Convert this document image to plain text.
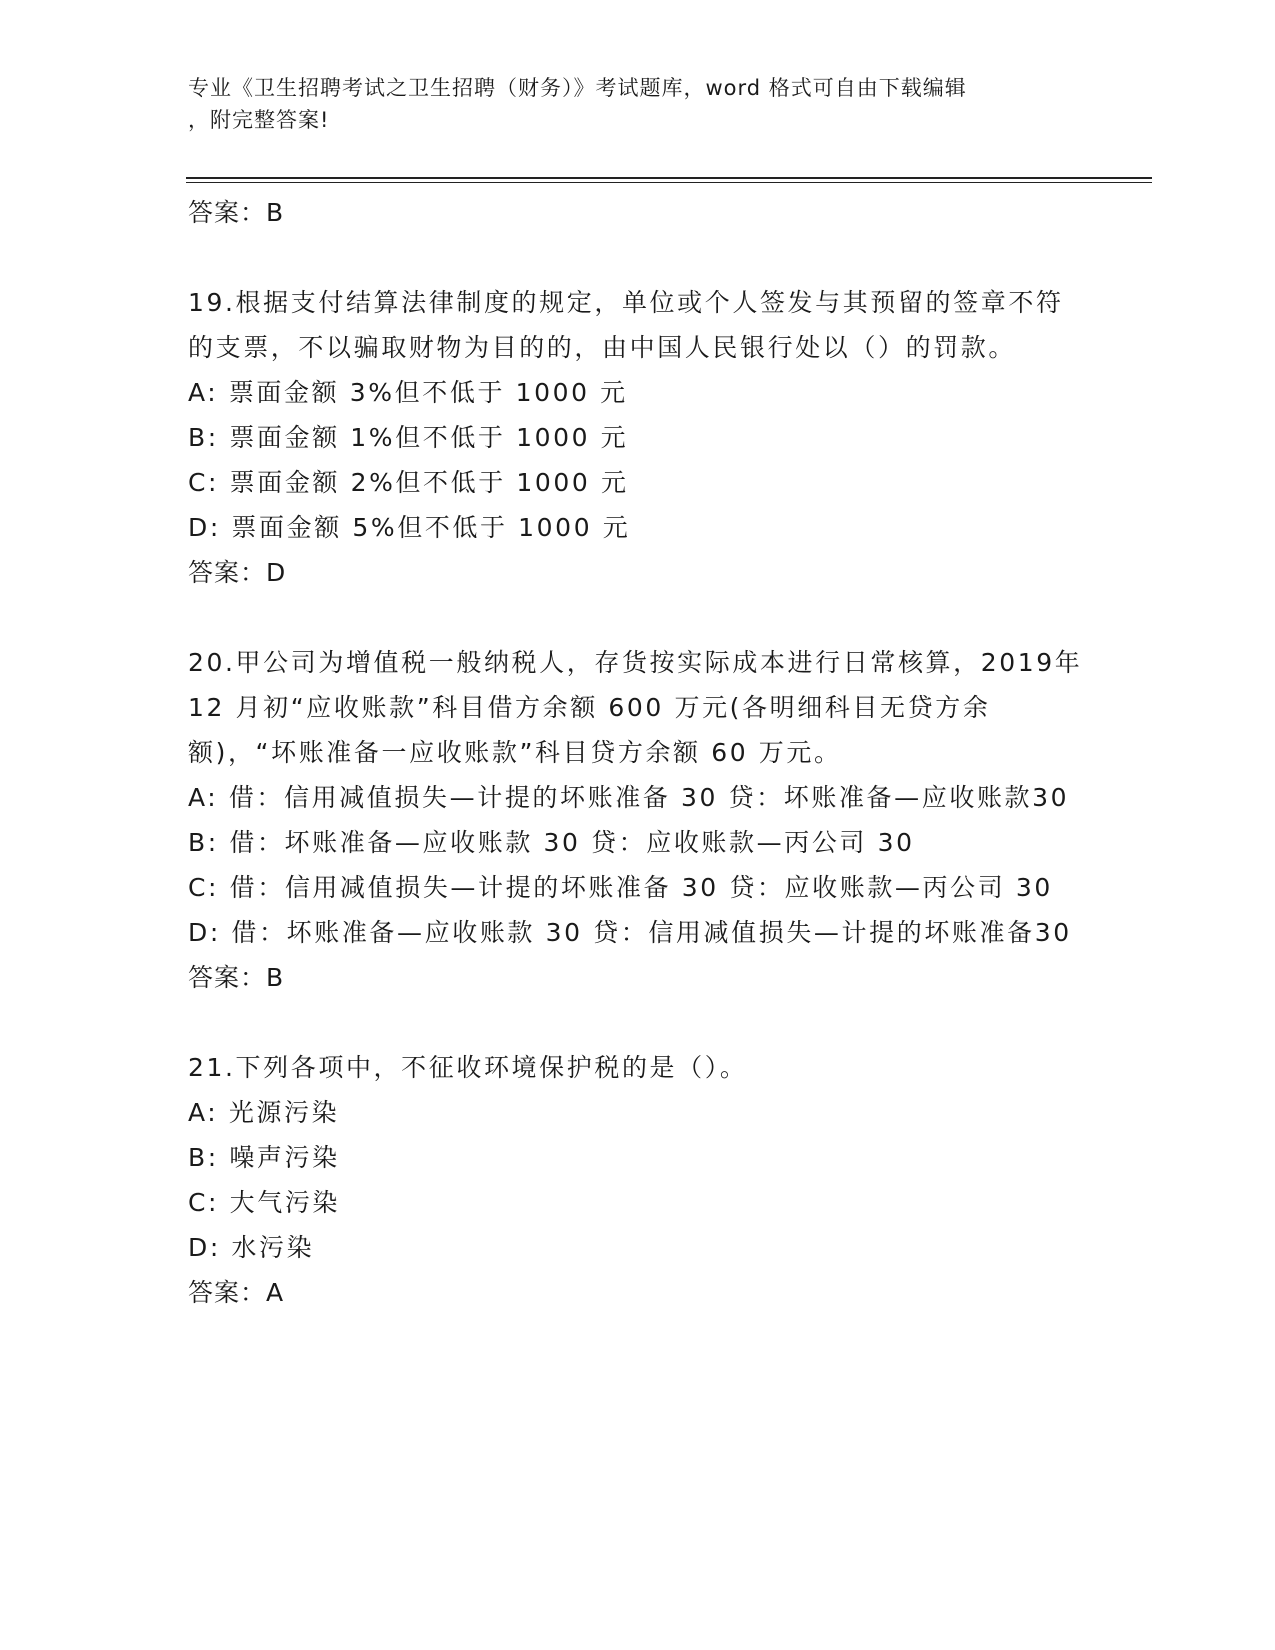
专业《卫生招聘考试之卫生招聘（财务）》考试题库，word 格式可自由下载编辑
，附完整答案!
答案：B
19.根据支付结算法律制度的规定，单位或个人签发与其预留的签章不符的支票，不以骗取财物为目的的，由中国人民银行处以（）的罚款。
A: 票面金额 3%但不低于 1000 元
B: 票面金额 1%但不低于 1000 元
C: 票面金额 2%但不低于 1000 元
D: 票面金额 5%但不低于 1000 元
答案：D
20.甲公司为增值税一般纳税人，存货按实际成本进行日常核算，2019年 12 月初“应收账款”科目借方余额 600 万元(各明细科目无贷方余额)，“坏账准备一应收账款”科目贷方余额 60 万元。
A: 借：信用减值损失—计提的坏账准备 30 贷：坏账准备—应收账款30
B: 借：坏账准备—应收账款 30 贷：应收账款—丙公司 30
C: 借：信用减值损失—计提的坏账准备 30 贷：应收账款—丙公司 30
D: 借：坏账准备—应收账款 30 贷：信用减值损失—计提的坏账准备30
答案：B
21.下列各项中，不征收环境保护税的是（）。
A: 光源污染
B: 噪声污染
C: 大气污染
D: 水污染
答案：A
